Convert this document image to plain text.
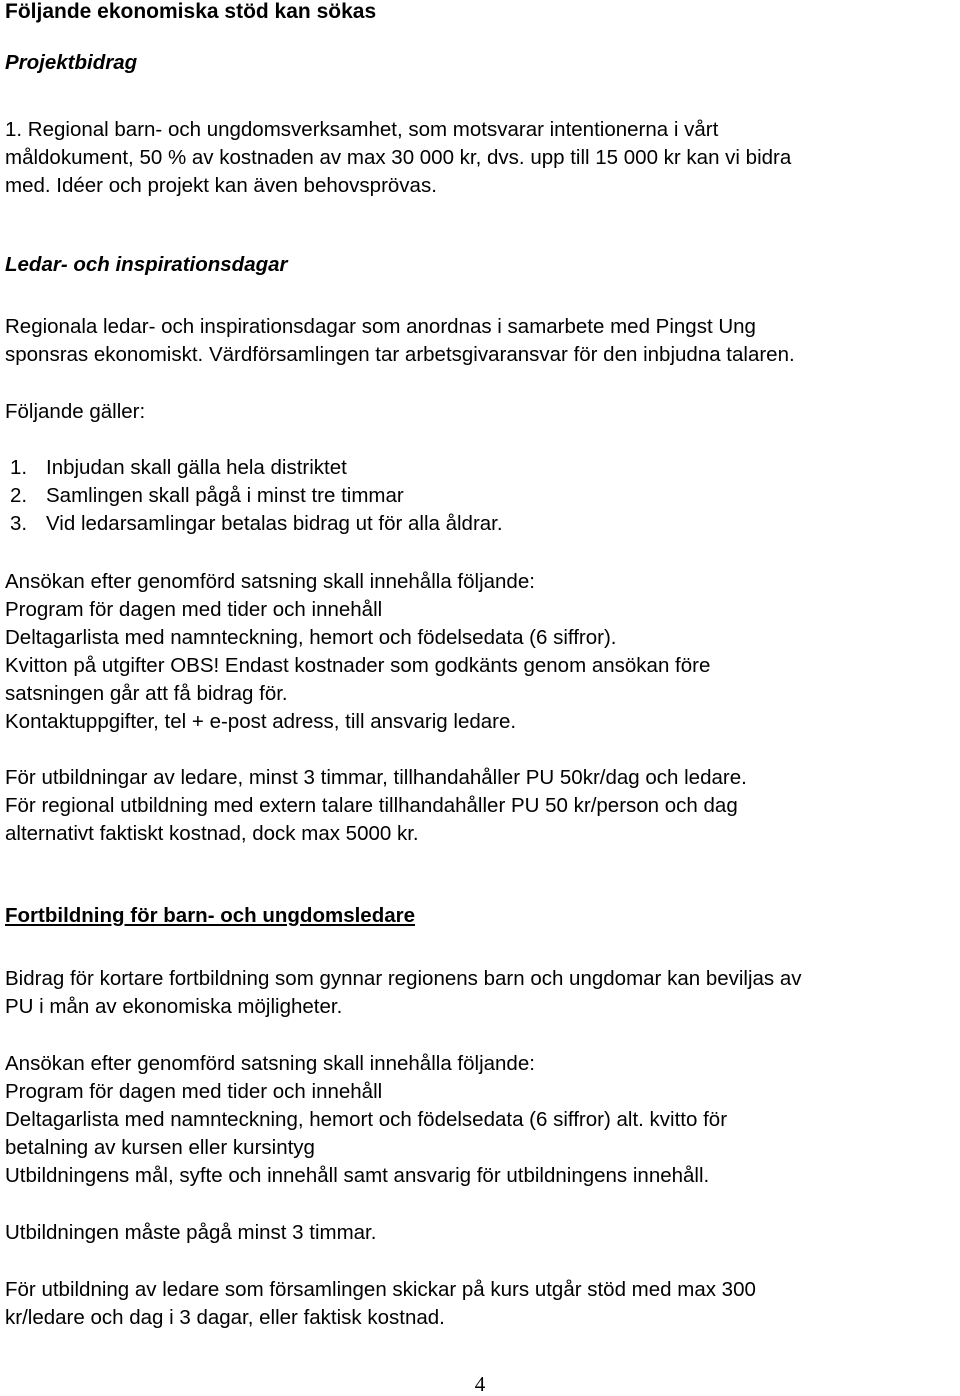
Följande ekonomiska stöd kan sökas
Projektbidrag
1. Regional barn- och ungdomsverksamhet, som motsvarar intentionerna i vårt
måldokument, 50 % av kostnaden av max 30 000 kr, dvs. upp till 15 000 kr kan vi bidra
med. Idéer och projekt kan även behovsprövas.
Ledar- och inspirationsdagar
Regionala ledar- och inspirationsdagar som anordnas i samarbete med Pingst Ung
sponsras ekonomiskt. Värdförsamlingen tar arbetsgivaransvar för den inbjudna talaren.
Följande gäller:
1. Inbjudan skall gälla hela distriktet
2. Samlingen skall pågå i minst tre timmar
3. Vid ledarsamlingar betalas bidrag ut för alla åldrar.
Ansökan efter genomförd satsning skall innehålla följande:
Program för dagen med tider och innehåll
Deltagarlista med namnteckning, hemort och födelsedata (6 siffror).
Kvitton på utgifter OBS! Endast kostnader som godkänts genom ansökan före
satsningen går att få bidrag för.
Kontaktuppgifter, tel + e-post adress, till ansvarig ledare.
För utbildningar av ledare, minst 3 timmar, tillhandahåller PU 50kr/dag och ledare.
För regional utbildning med extern talare tillhandahåller PU 50 kr/person och dag
alternativt faktiskt kostnad, dock max 5000 kr.
Fortbildning för barn- och ungdomsledare
Bidrag för kortare fortbildning som gynnar regionens barn och ungdomar kan beviljas av
PU i mån av ekonomiska möjligheter.
Ansökan efter genomförd satsning skall innehålla följande:
Program för dagen med tider och innehåll
Deltagarlista med namnteckning, hemort och födelsedata (6 siffror) alt. kvitto för
betalning av kursen eller kursintyg
Utbildningens mål, syfte och innehåll samt ansvarig för utbildningens innehåll.
Utbildningen måste pågå minst 3 timmar.
För utbildning av ledare som församlingen skickar på kurs utgår stöd med max 300
kr/ledare och dag i 3 dagar, eller faktisk kostnad.
4
